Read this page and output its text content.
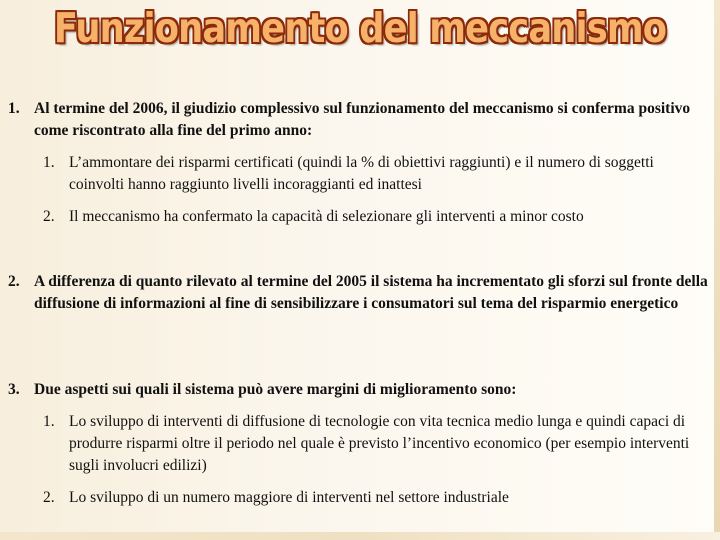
Funzionamento del meccanismo
1. Al termine del 2006, il giudizio complessivo sul funzionamento del meccanismo si conferma positivo come riscontrato alla fine del primo anno:
1. L’ammontare dei risparmi certificati (quindi la % di obiettivi raggiunti) e il numero di soggetti coinvolti hanno raggiunto livelli incoraggianti ed inattesi
2. Il meccanismo ha confermato la capacità di selezionare gli interventi a minor costo
2. A differenza di quanto rilevato al termine del 2005 il sistema ha incrementato gli sforzi sul fronte della diffusione di informazioni al fine di sensibilizzare i consumatori sul tema del risparmio energetico
3. Due aspetti sui quali il sistema può avere margini di miglioramento sono:
1. Lo sviluppo di interventi di diffusione di tecnologie con vita tecnica medio lunga e quindi capaci di produrre risparmi oltre il periodo nel quale è previsto l’incentivo economico (per esempio interventi sugli involucri edilizi)
2. Lo sviluppo di un numero maggiore di interventi nel settore industriale
